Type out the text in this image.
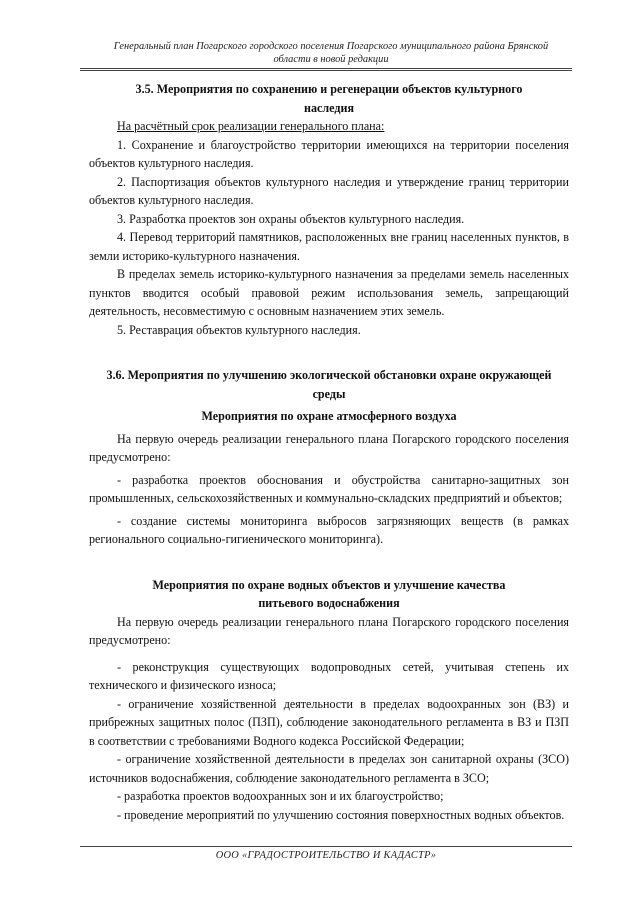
Генеральный план Погарского городского поселения Погарского муниципального района Брянской
области в новой редакции
3.5. Мероприятия по сохранению и регенерации объектов культурного
наследия

На расчётный срок реализации генерального плана:

1. Сохранение и благоустройство территории имеющихся на территории поселения объектов культурного наследия.

2. Паспортизация объектов культурного наследия и утверждение границ территории объектов культурного наследия.

3. Разработка проектов зон охраны объектов культурного наследия.

4. Перевод территорий памятников, расположенных вне границ населенных пунктов, в земли историко-культурного назначения.

В пределах земель историко-культурного назначения за пределами земель населенных пунктов вводится особый правовой режим использования земель, запрещающий деятельность, несовместимую с основным назначением этих земель.

5. Реставрация объектов культурного наследия.

3.6. Мероприятия по улучшению экологической обстановки охране окружающей
среды
Мероприятия по охране атмосферного воздуха

На первую очередь реализации генерального плана Погарского городского поселения предусмотрено:

- разработка проектов обоснования и обустройства санитарно-защитных зон промышленных, сельскохозяйственных и коммунально-складских предприятий и объектов;

- создание системы мониторинга выбросов загрязняющих веществ (в рамках регионального социально-гигиенического мониторинга).

Мероприятия по охране водных объектов и улучшение качества
питьевого водоснабжения

На первую очередь реализации генерального плана Погарского городского поселения предусмотрено:

- реконструкция существующих водопроводных сетей, учитывая степень их технического и физического износа;

- ограничение хозяйственной деятельности в пределах водоохранных зон (ВЗ) и прибрежных защитных полос (ПЗП), соблюдение законодательного регламента в ВЗ и ПЗП в соответствии с требованиями Водного кодекса Российской Федерации;

- ограничение хозяйственной деятельности в пределах зон санитарной охраны (ЗСО) источников водоснабжения, соблюдение законодательного регламента в ЗСО;

- разработка проектов водоохранных зон и их благоустройство;

- проведение мероприятий по улучшению состояния поверхностных водных объектов.

ООО «ГРАДОСТРОИТЕЛЬСТВО И КАДАСТР»
